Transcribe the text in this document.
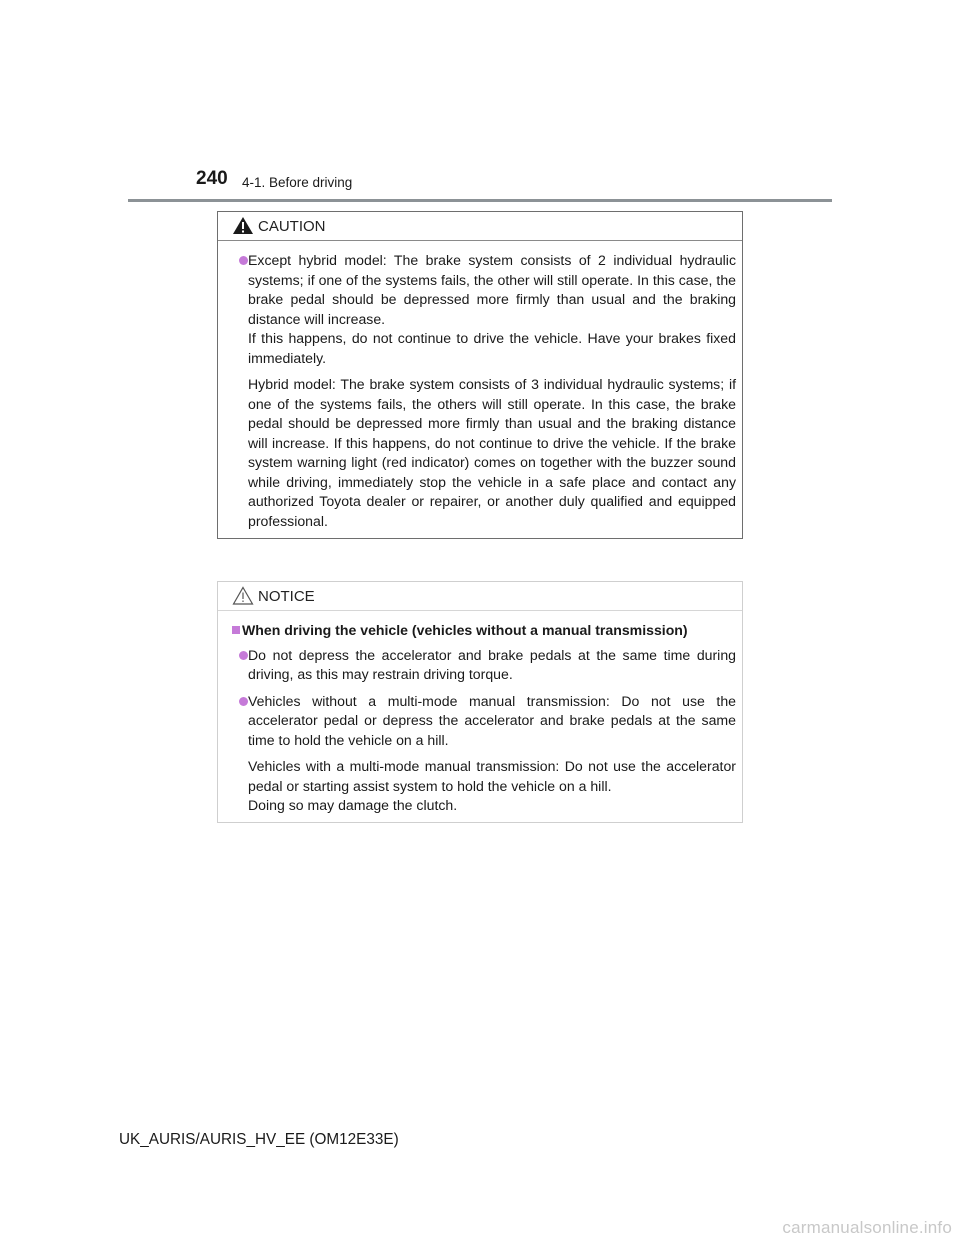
240 4-1. Before driving
CAUTION
Except hybrid model: The brake system consists of 2 individual hydraulic systems; if one of the systems fails, the other will still operate. In this case, the brake pedal should be depressed more firmly than usual and the braking distance will increase.
If this happens, do not continue to drive the vehicle. Have your brakes fixed immediately.
Hybrid model: The brake system consists of 3 individual hydraulic systems; if one of the systems fails, the others will still operate. In this case, the brake pedal should be depressed more firmly than usual and the braking distance will increase. If this happens, do not continue to drive the vehicle. If the brake system warning light (red indicator) comes on together with the buzzer sound while driving, immediately stop the vehicle in a safe place and contact any authorized Toyota dealer or repairer, or another duly qualified and equipped professional.
NOTICE
When driving the vehicle (vehicles without a manual transmission)
Do not depress the accelerator and brake pedals at the same time during driving, as this may restrain driving torque.
Vehicles without a multi-mode manual transmission: Do not use the accelerator pedal or depress the accelerator and brake pedals at the same time to hold the vehicle on a hill.
Vehicles with a multi-mode manual transmission: Do not use the accelerator pedal or starting assist system to hold the vehicle on a hill.
Doing so may damage the clutch.
UK_AURIS/AURIS_HV_EE (OM12E33E)
carmanualsonline.info
